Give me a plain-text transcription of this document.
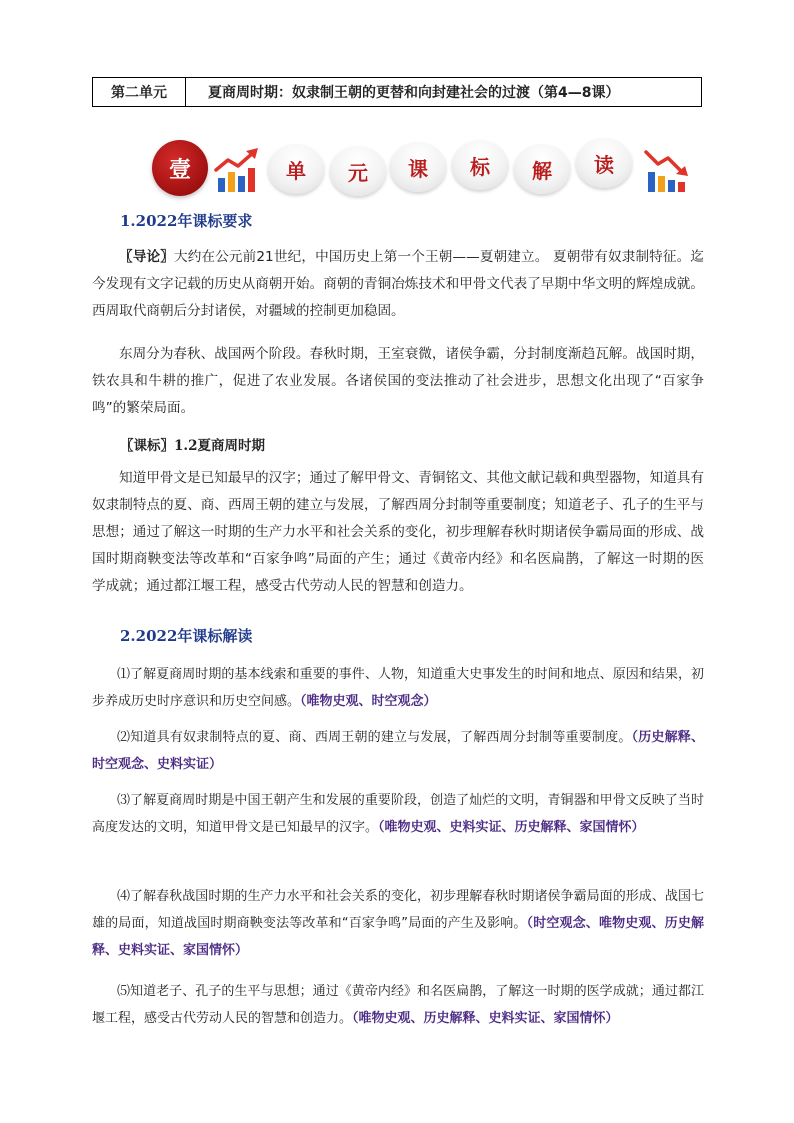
第二单元	夏商周时期：奴隶制王朝的更替和向封建社会的过渡（第4—8课）
壹	单	元	课	标	解	读
1.2022年课标要求

〖导论〗大约在公元前21世纪，中国历史上第一个王朝——夏朝建立。 夏朝带有奴隶制特征。迄今发现有文字记载的历史从商朝开始。商朝的青铜冶炼技术和甲骨文代表了早期中华文明的辉煌成就。西周取代商朝后分封诸侯，对疆域的控制更加稳固。

东周分为春秋、战国两个阶段。春秋时期，王室衰微，诸侯争霸，分封制度渐趋瓦解。战国时期，铁农具和牛耕的推广，促进了农业发展。各诸侯国的变法推动了社会进步，思想文化出现了“百家争鸣”的繁荣局面。

〖课标〗1.2夏商周时期

知道甲骨文是已知最早的汉字；通过了解甲骨文、青铜铭文、其他文献记载和典型器物，知道具有奴隶制特点的夏、商、西周王朝的建立与发展，了解西周分封制等重要制度；知道老子、孔子的生平与思想；通过了解这一时期的生产力水平和社会关系的变化，初步理解春秋时期诸侯争霸局面的形成、战国时期商鞅变法等改革和“百家争鸣”局面的产生；通过《黄帝内经》和名医扁鹊，了解这一时期的医学成就；通过都江堰工程，感受古代劳动人民的智慧和创造力。

2.2022年课标解读

⑴了解夏商周时期的基本线索和重要的事件、人物，知道重大史事发生的时间和地点、原因和结果，初步养成历史时序意识和历史空间感。（唯物史观、时空观念）

⑵知道具有奴隶制特点的夏、商、西周王朝的建立与发展，了解西周分封制等重要制度。（历史解释、时空观念、史料实证）

⑶了解夏商周时期是中国王朝产生和发展的重要阶段，创造了灿烂的文明，青铜器和甲骨文反映了当时高度发达的文明，知道甲骨文是已知最早的汉字。（唯物史观、史料实证、历史解释、家国情怀）

⑷了解春秋战国时期的生产力水平和社会关系的变化，初步理解春秋时期诸侯争霸局面的形成、战国七雄的局面，知道战国时期商鞅变法等改革和“百家争鸣”局面的产生及影响。（时空观念、唯物史观、历史解释、史料实证、家国情怀）

⑸知道老子、孔子的生平与思想；通过《黄帝内经》和名医扁鹊，了解这一时期的医学成就；通过都江堰工程，感受古代劳动人民的智慧和创造力。（唯物史观、历史解释、史料实证、家国情怀）
